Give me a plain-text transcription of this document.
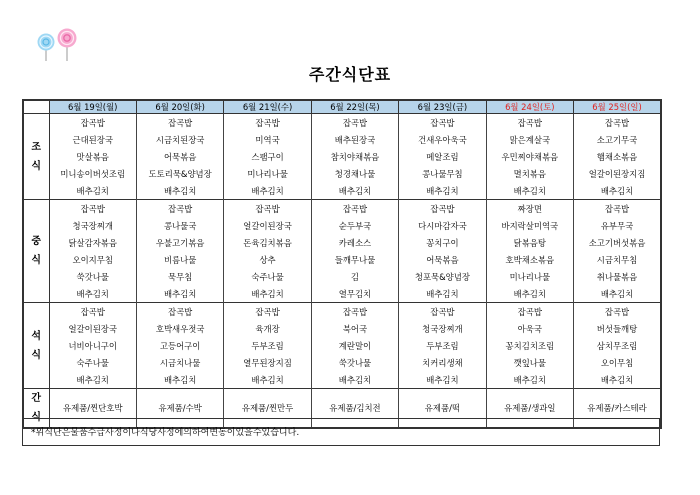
주간식단표
	6월 19일(월)	6월 20일(화)	6월 21일(수)	6월 22일(목)	6월 23일(금)	6월 24일(토)	6월 25일(일)
조
식	잡곡밥	잡곡밥	잡곡밥	잡곡밥	잡곡밥	잡곡밥	잡곡밥
	근대된장국	시금치된장국	미역국	배추된장국	건새우아욱국	맑은계살국	소고기무국
	맛살볶음	어묵볶음	스팸구이	참치야채볶음	메알조림	우민찌야채볶음	햄채소볶음
	미니송이버섯조림	도토리묵&양념장	미나리나물	청경채나물	콩나물무침	멸치볶음	얼갈이된장지짐
	배추김치	배추김치	배추김치	배추김치	배추김치	배추김치	배추김치
중
식	잡곡밥	잡곡밥	잡곡밥	잡곡밥	잡곡밥	짜장면	잡곡밥
	청국장찌개	콩나물국	얼갈이된장국	순두부국	다시마감자국	바지락살미역국	유부무국
	닭살감자볶음	우불고기볶음	돈육김치볶음	카레소스	꽁치구이	닭볶음탕	소고기버섯볶음
	오이지무침	비름나물	상추	들깨무나물	어묵볶음	호박채소볶음	시금치무침
	쑥갓나물	묵무침	숙주나물	김	청포묵&양념장	미나리나물	취나물볶음
	배추김치	배추김치	배추김치	열무김치	배추김치	배추김치	배추김치
석
식	잡곡밥	잡곡밥	잡곡밥	잡곡밥	잡곡밥	잡곡밥	잡곡밥
	얼갈이된장국	호박새우젓국	육개장	북어국	청국장찌개	아욱국	버섯들깨탕
	너비아니구이	고등어구이	두부조림	계란말이	두부조림	꽁치김치조림	삼치무조림
	숙주나물	시금치나물	열무된장지짐	쑥갓나물	치커리생채	깻잎나물	오이무침
	배추김치	배추김치	배추김치	배추김치	배추김치	배추김치	배추김치
간
식	유제품/찐단호박	유제품/수박	유제품/찐만두	유제품/김치전	유제품/떡	유제품/생과일	유제품/카스테라
*위식단은물품수급사정이나식당사정에의하여변동이있을수있습니다.
